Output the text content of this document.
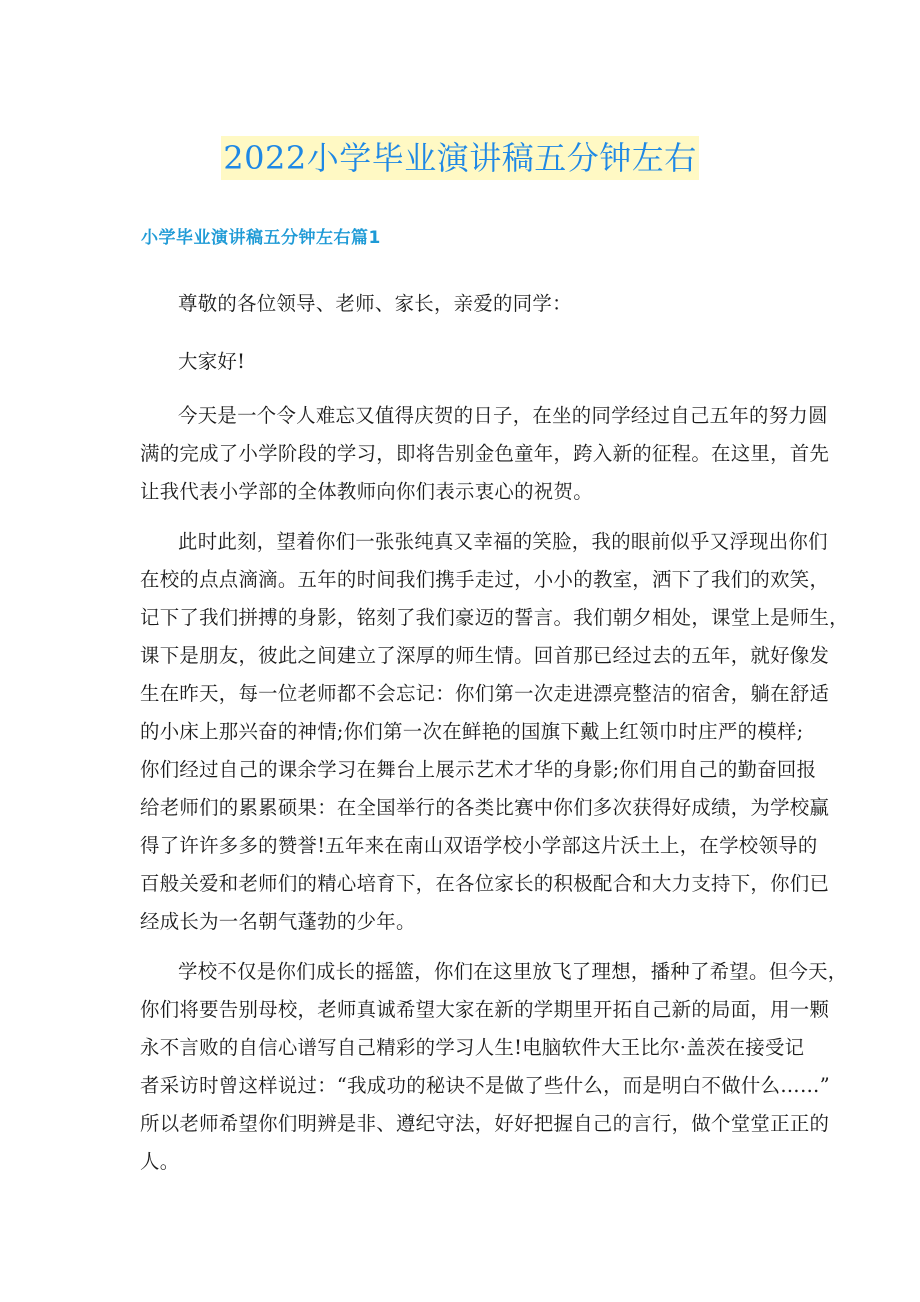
2022小学毕业演讲稿五分钟左右
小学毕业演讲稿五分钟左右篇1
尊敬的各位领导、老师、家长，亲爱的同学：
大家好!
今天是一个令人难忘又值得庆贺的日子，在坐的同学经过自己五年的努力圆
满的完成了小学阶段的学习，即将告别金色童年，跨入新的征程。在这里，首先
让我代表小学部的全体教师向你们表示衷心的祝贺。
此时此刻，望着你们一张张纯真又幸福的笑脸，我的眼前似乎又浮现出你们
在校的点点滴滴。五年的时间我们携手走过，小小的教室，洒下了我们的欢笑，
记下了我们拼搏的身影，铭刻了我们豪迈的誓言。我们朝夕相处，课堂上是师生，
课下是朋友，彼此之间建立了深厚的师生情。回首那已经过去的五年，就好像发
生在昨天，每一位老师都不会忘记：你们第一次走进漂亮整洁的宿舍，躺在舒适
的小床上那兴奋的神情;你们第一次在鲜艳的国旗下戴上红领巾时庄严的模样;
你们经过自己的课余学习在舞台上展示艺术才华的身影;你们用自己的勤奋回报
给老师们的累累硕果：在全国举行的各类比赛中你们多次获得好成绩，为学校赢
得了许许多多的赞誉!五年来在南山双语学校小学部这片沃土上，在学校领导的
百般关爱和老师们的精心培育下，在各位家长的积极配合和大力支持下，你们已
经成长为一名朝气蓬勃的少年。
学校不仅是你们成长的摇篮，你们在这里放飞了理想，播种了希望。但今天，
你们将要告别母校，老师真诚希望大家在新的学期里开拓自己新的局面，用一颗
永不言败的自信心谱写自己精彩的学习人生!电脑软件大王比尔·盖茨在接受记
者采访时曾这样说过：“我成功的秘诀不是做了些什么，而是明白不做什么……”
所以老师希望你们明辨是非、遵纪守法，好好把握自己的言行，做个堂堂正正的
人。
